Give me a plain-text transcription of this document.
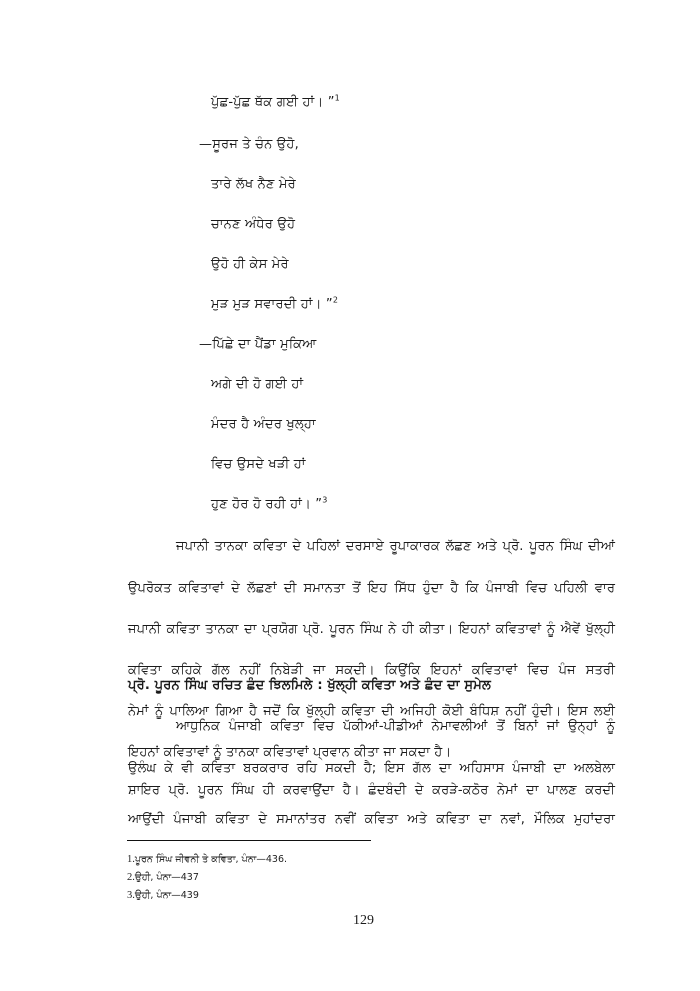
ਪੁੱਛ-ਪੁੱਛ ਥੱਕ ਗਈ ਹਾਂ। ”$^1$
—ਸੂਰਜ ਤੇ ਚੰਨ ਉਹੋ,
ਤਾਰੇ ਲੱਖ ਨੈਣ ਮੇਰੇ
ਚਾਨਣ ਅੰਧੇਰ ਉਹੋ
ਉਹੋ ਹੀ ਕੇਸ ਮੇਰੇ
ਮੁੜ ਮੁੜ ਸਵਾਰਦੀ ਹਾਂ। ”$^2$
—ਪਿੱਛੇ ਦਾ ਪੈਂਡਾ ਮੁਕਿਆ
ਅਗੇ ਦੀ ਹੋ ਗਈ ਹਾਂ
ਮੰਦਰ ਹੈ ਅੰਦਰ ਖੁਲ੍ਹਾ
ਵਿਚ ਉਸਦੇ ਖੜੀ ਹਾਂ
ਹੁਣ ਹੋਰ ਹੋ ਰਹੀ ਹਾਂ। ”$^3$
ਜਪਾਨੀ ਤਾਨਕਾ ਕਵਿਤਾ ਦੇ ਪਹਿਲਾਂ ਦਰਸਾਏ ਰੂਪਾਕਾਰਕ ਲੱਛਣ ਅਤੇ ਪ੍ਰੋ. ਪੂਰਨ ਸਿੰਘ ਦੀਆਂ
ਉਪਰੋਕਤ ਕਵਿਤਾਵਾਂ ਦੇ ਲੱਛਣਾਂ ਦੀ ਸਮਾਨਤਾ ਤੋਂ ਇਹ ਸਿੱਧ ਹੁੰਦਾ ਹੈ ਕਿ ਪੰਜਾਬੀ ਵਿਚ ਪਹਿਲੀ ਵਾਰ
ਜਪਾਨੀ ਕਵਿਤਾ ਤਾਨਕਾ ਦਾ ਪ੍ਰਯੋਗ ਪ੍ਰੋ. ਪੂਰਨ ਸਿੰਘ ਨੇ ਹੀ ਕੀਤਾ। ਇਹਨਾਂ ਕਵਿਤਾਵਾਂ ਨੂੰ ਐਵੇਂ ਖੁੱਲ੍ਹੀ
ਕਵਿਤਾ ਕਹਿਕੇ ਗੱਲ ਨਹੀਂ ਨਿਬੇੜੀ ਜਾ ਸਕਦੀ। ਕਿਉਂਕਿ ਇਹਨਾਂ ਕਵਿਤਾਵਾਂ ਵਿਚ ਪੰਜ ਸਤਰੀ
ਨੇਮਾਂ ਨੂੰ ਪਾਲਿਆ ਗਿਆ ਹੈ ਜਦੋਂ ਕਿ ਖੁੱਲ੍ਹੀ ਕਵਿਤਾ ਦੀ ਅਜਿਹੀ ਕੋਈ ਬੰਧਿਸ਼ ਨਹੀਂ ਹੁੰਦੀ। ਇਸ ਲਈ
ਇਹਨਾਂ ਕਵਿਤਾਵਾਂ ਨੂੰ ਤਾਨਕਾ ਕਵਿਤਾਵਾਂ ਪ੍ਰਵਾਨ ਕੀਤਾ ਜਾ ਸਕਦਾ ਹੈ।
ਪ੍ਰੋ. ਪੂਰਨ ਸਿੰਘ ਰਚਿਤ ਛੰਦ ਝਿਲਮਿਲੇ : ਖੁੱਲ੍ਹੀ ਕਵਿਤਾ ਅਤੇ ਛੰਦ ਦਾ ਸੁਮੇਲ
ਆਧੁਨਿਕ ਪੰਜਾਬੀ ਕਵਿਤਾ ਵਿਚ ਪੱਕੀਆਂ-ਪੀਡੀਆਂ ਨੇਮਾਵਲੀਆਂ ਤੋਂ ਬਿਨਾਂ ਜਾਂ ਉਨ੍ਹਾਂ ਨੂੰ
ਉਲੰਘ ਕੇ ਵੀ ਕਵਿਤਾ ਬਰਕਰਾਰ ਰਹਿ ਸਕਦੀ ਹੈ; ਇਸ ਗੱਲ ਦਾ ਅਹਿਸਾਸ ਪੰਜਾਬੀ ਦਾ ਅਲਬੇਲਾ
ਸ਼ਾਇਰ ਪ੍ਰੋ. ਪੂਰਨ ਸਿੰਘ ਹੀ ਕਰਵਾਉਂਦਾ ਹੈ। ਛੰਦਬੰਦੀ ਦੇ ਕਰੜੇ-ਕਠੋਰ ਨੇਮਾਂ ਦਾ ਪਾਲਣ ਕਰਦੀ
ਆਉਂਦੀ ਪੰਜਾਬੀ ਕਵਿਤਾ ਦੇ ਸਮਾਨਾਂਤਰ ਨਵੀਂ ਕਵਿਤਾ ਅਤੇ ਕਵਿਤਾ ਦਾ ਨਵਾਂ, ਮੌਲਿਕ ਮੁਹਾਂਦਰਾ
1.ਪੂਰਨ ਸਿੰਘ ਜੀਵਨੀ ਤੇ ਕਵਿਤਾ, ਪੰਨਾ—436.
2.ਉਹੀ, ਪੰਨਾ—437
3.ਉਹੀ, ਪੰਨਾ—439
129
